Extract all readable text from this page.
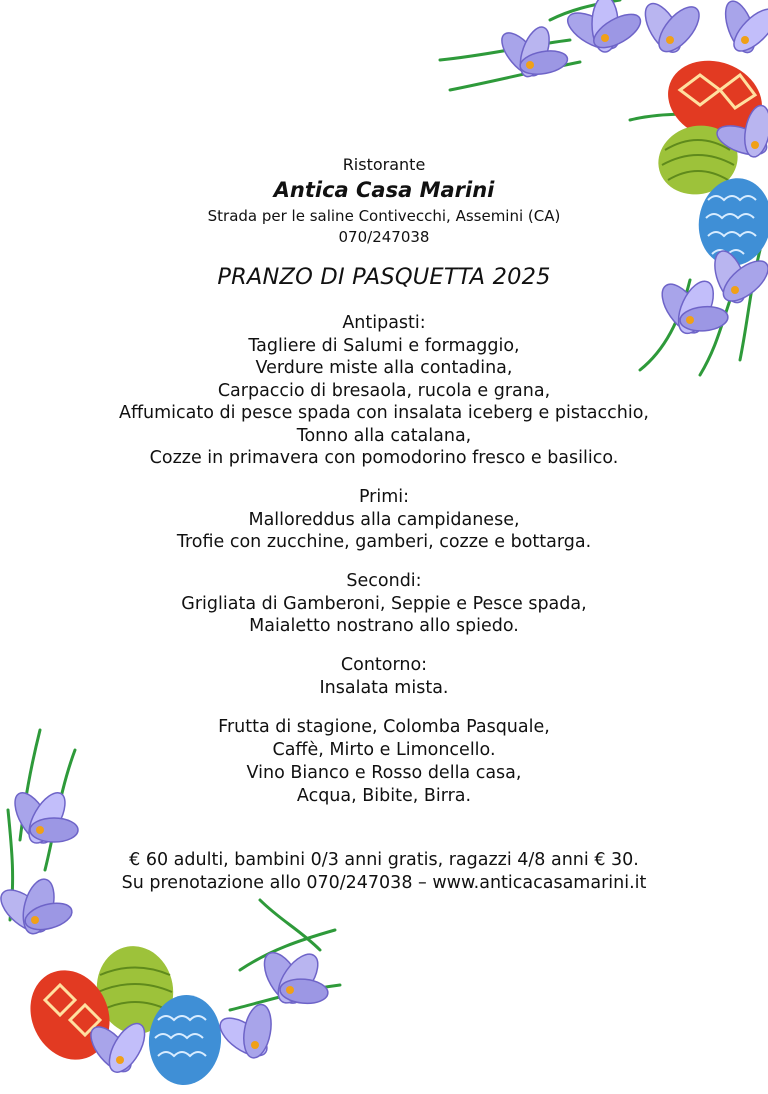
Ristorante
Antica Casa Marini
Strada per le saline Contivecchi, Assemini (CA)
070/247038
PRANZO DI PASQUETTA 2025
Antipasti:
Tagliere di Salumi e formaggio,
Verdure miste alla contadina,
Carpaccio di bresaola, rucola e grana,
Affumicato di pesce spada con insalata iceberg e pistacchio,
Tonno alla catalana,
Cozze in primavera con pomodorino fresco e basilico.
Primi:
Malloreddus alla campidanese,
Trofie con zucchine, gamberi, cozze e bottarga.
Secondi:
Grigliata di Gamberoni, Seppie e Pesce spada,
Maialetto nostrano allo spiedo.
Contorno:
Insalata mista.
Frutta di stagione, Colomba Pasquale,
Caffè, Mirto e Limoncello.
Vino Bianco e Rosso della casa,
Acqua, Bibite, Birra.
€ 60 adulti, bambini 0/3 anni gratis, ragazzi 4/8 anni € 30.
Su prenotazione allo 070/247038 – www.anticacasamarini.it
